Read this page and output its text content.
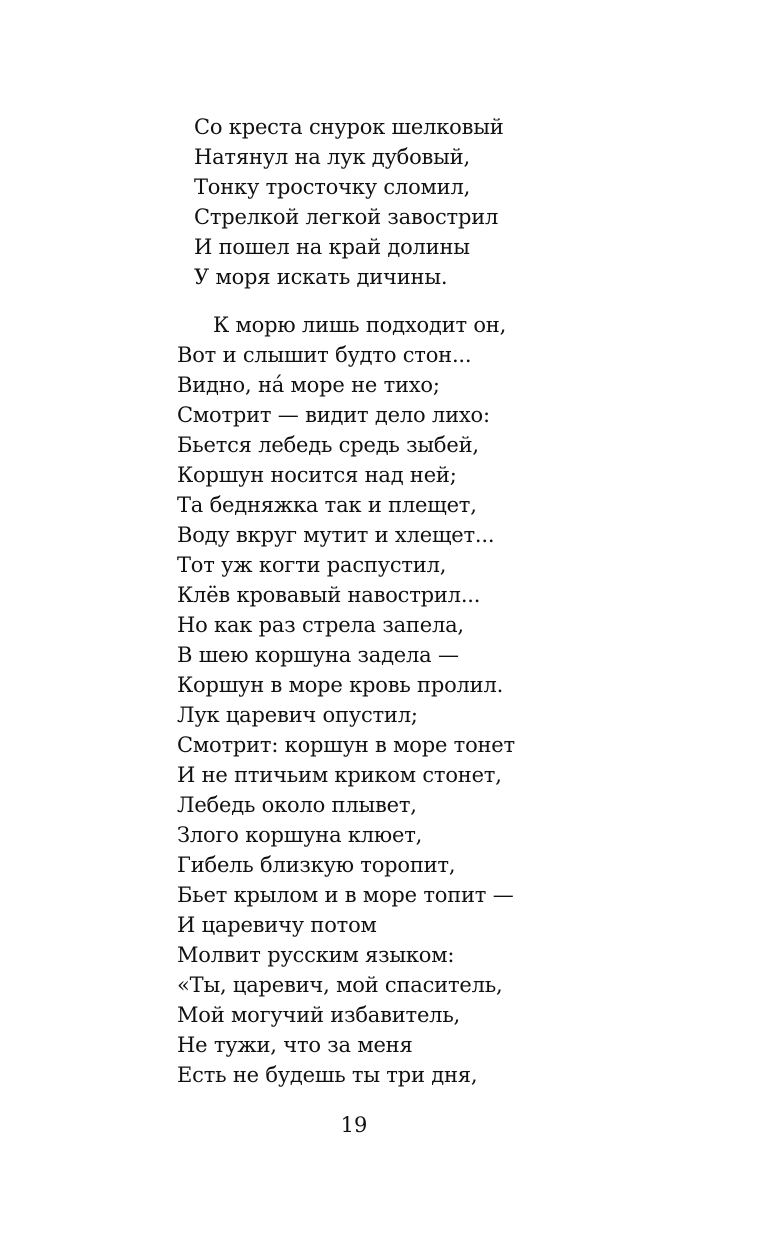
Со креста снурок шелковый
Натянул на лук дубовый,
Тонку тросточку сломил,
Стрелкой легкой завострил
И пошел на край долины
У моря искать дичины.
К морю лишь подходит он,
Вот и слышит будто стон...
Видно, на́ море не тихо;
Смотрит — видит дело лихо:
Бьется лебедь средь зыбей,
Коршун носится над ней;
Та бедняжка так и плещет,
Воду вкруг мутит и хлещет...
Тот уж когти распустил,
Клёв кровавый навострил...
Но как раз стрела запела,
В шею коршуна задела —
Коршун в море кровь пролил.
Лук царевич опустил;
Смотрит: коршун в море тонет
И не птичьим криком стонет,
Лебедь около плывет,
Злого коршуна клюет,
Гибель близкую торопит,
Бьет крылом и в море топит —
И царевичу потом
Молвит русским языком:
«Ты, царевич, мой спаситель,
Мой могучий избавитель,
Не тужи, что за меня
Есть не будешь ты три дня,
19
